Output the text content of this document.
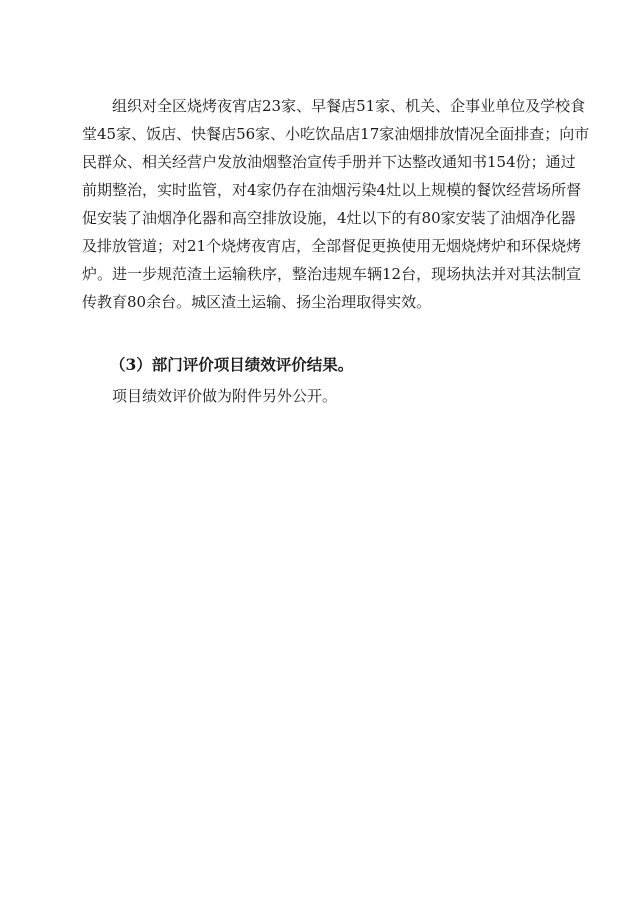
组织对全区烧烤夜宵店23家、早餐店51家、机关、企事业单位及学校食
堂45家、饭店、快餐店56家、小吃饮品店17家油烟排放情况全面排查；向市
民群众、相关经营户发放油烟整治宣传手册并下达整改通知书154份；通过
前期整治，实时监管，对4家仍存在油烟污染4灶以上规模的餐饮经营场所督
促安装了油烟净化器和高空排放设施，4灶以下的有80家安装了油烟净化器
及排放管道；对21个烧烤夜宵店，全部督促更换使用无烟烧烤炉和环保烧烤
炉。进一步规范渣土运输秩序，整治违规车辆12台，现场执法并对其法制宣
传教育80余台。城区渣土运输、扬尘治理取得实效。
（3）部门评价项目绩效评价结果。
项目绩效评价做为附件另外公开。
